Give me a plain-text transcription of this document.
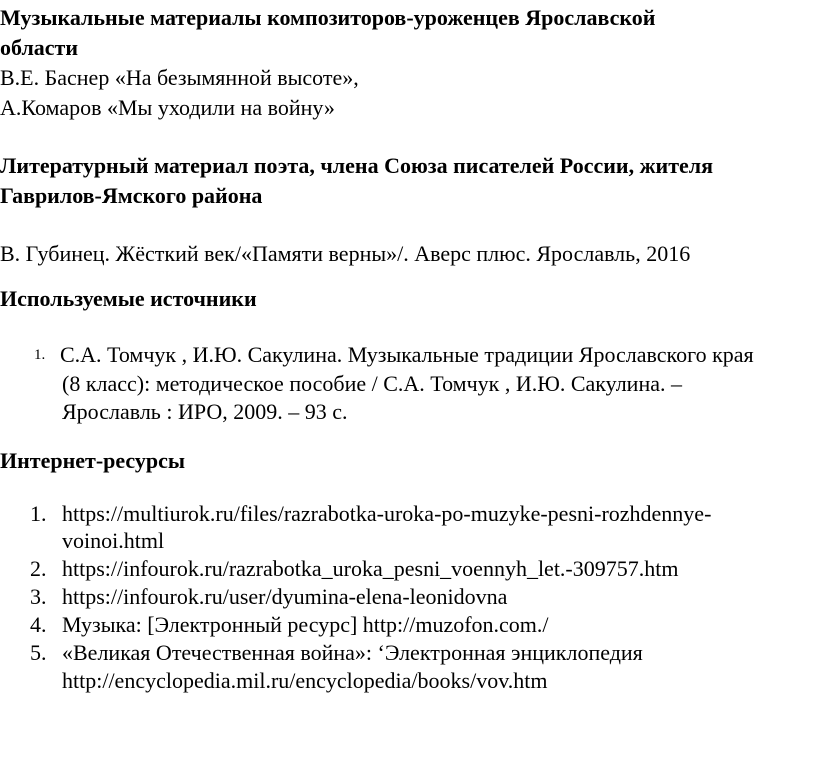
Музыкальные материалы композиторов-уроженцев Ярославской
области
В.Е. Баснер «На безымянной высоте»,
А.Комаров «Мы уходили на войну»
Литературный материал поэта, члена Союза писателей России, жителя
Гаврилов-Ямского района
В. Губинец. Жёсткий век/«Памяти верны»/. Аверс плюс. Ярославль, 2016
Используемые источники
1. С.А. Томчук , И.Ю. Сакулина. Музыкальные традиции Ярославского края
(8 класс): методическое пособие / С.А. Томчук , И.Ю. Сакулина. –
Ярославль : ИРО, 2009. – 93 с.
Интернет-ресурсы
1. https://multiurok.ru/files/razrabotka-uroka-po-muzyke-pesni-rozhdennye-
voinoi.html
2. https://infourok.ru/razrabotka_uroka_pesni_voennyh_let.-309757.htm
3. https://infourok.ru/user/dyumina-elena-leonidovna
4. Музыка: [Электронный ресурс] http://muzofon.com./
5. «Великая Отечественная война»: ‘Электронная энциклопедия
http://encyclopedia.mil.ru/encyclopedia/books/vov.htm
